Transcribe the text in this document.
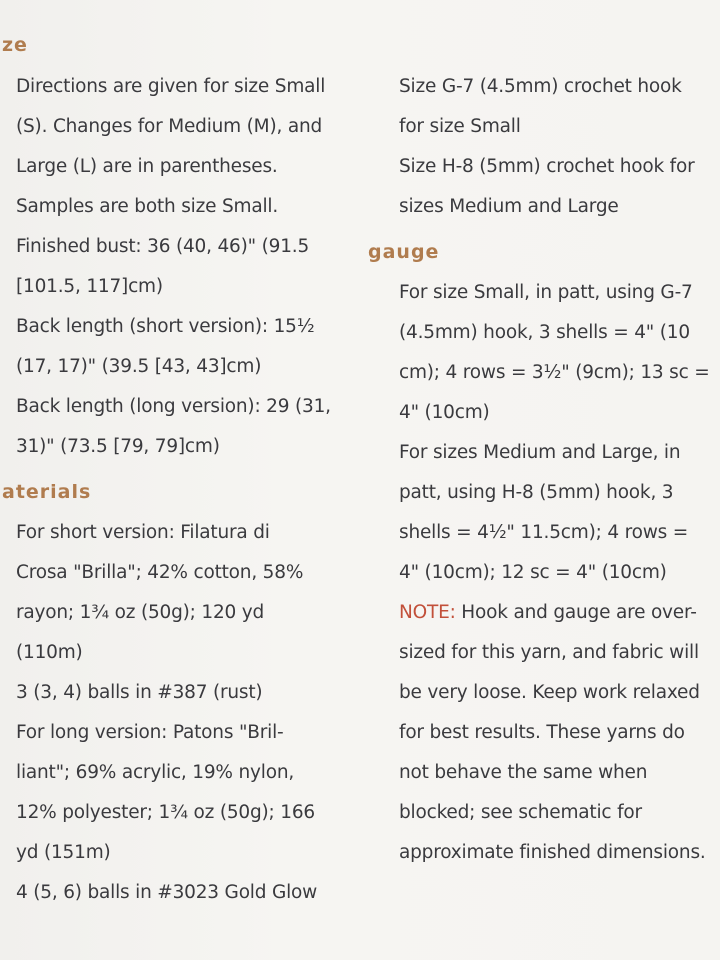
ze
Directions are given for size Small
(S). Changes for Medium (M), and
Large (L) are in parentheses.
Samples are both size Small.
Finished bust: 36 (40, 46)" (91.5
[101.5, 117]cm)
Back length (short version): 15½
(17, 17)" (39.5 [43, 43]cm)
Back length (long version): 29 (31,
31)" (73.5 [79, 79]cm)
aterials
For short version: Filatura di
Crosa "Brilla"; 42% cotton, 58%
rayon; 1¾ oz (50g); 120 yd
(110m)
3 (3, 4) balls in #387 (rust)
For long version: Patons "Bril-
liant"; 69% acrylic, 19% nylon,
12% polyester; 1¾ oz (50g); 166
yd (151m)
4 (5, 6) balls in #3023 Gold Glow
Size G-7 (4.5mm) crochet hook
for size Small
Size H-8 (5mm) crochet hook for
sizes Medium and Large
gauge
For size Small, in patt, using G-7
(4.5mm) hook, 3 shells = 4" (10
cm); 4 rows = 3½" (9cm); 13 sc =
4" (10cm)
For sizes Medium and Large, in
patt, using H-8 (5mm) hook, 3
shells = 4½" 11.5cm); 4 rows =
4" (10cm); 12 sc = 4" (10cm)
NOTE: Hook and gauge are over-
sized for this yarn, and fabric will
be very loose. Keep work relaxed
for best results. These yarns do
not behave the same when
blocked; see schematic for
approximate finished dimensions.
